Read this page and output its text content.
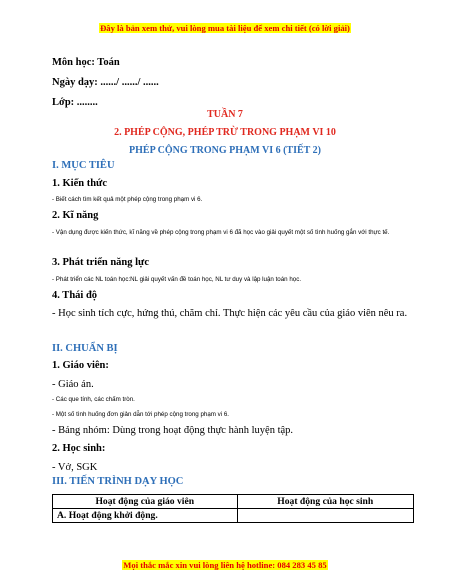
Đây là bản xem thử, vui lòng mua tài liệu để xem chi tiết (có lời giải)
Môn học: Toán
Ngày dạy: ....../ ....../ ......
Lớp: ........
TUẦN 7
2. PHÉP CỘNG, PHÉP TRỪ TRONG PHẠM VI 10
PHÉP CỘNG TRONG PHẠM VI 6 (TIẾT 2)
I. MỤC TIÊU
1. Kiến thức
- Biết cách tìm kết quả một phép cộng trong phạm vi 6.
2. Kĩ năng
- Vận dụng được kiến thức, kĩ năng về phép cộng trong phạm vi 6 đã học vào giải quyết một số tình huống gắn với thực tế.
3. Phát triển năng lực
- Phát triển các NL toán học:NL giải quyết vấn đề toán học, NL tư duy và lập luận toán học.
4. Thái độ
- Học sinh tích cực, hứng thú, chăm chỉ. Thực hiện các yêu cầu của giáo viên nêu ra.
II. CHUẨN BỊ
1. Giáo viên:
- Giáo án.
- Các que tính, các chấm tròn.
- Một số tình huống đơn giản dẫn tới phép cộng trong phạm vi 6.
- Bảng nhóm: Dùng trong hoạt động thực hành luyện tập.
2. Học sinh:
- Vở, SGK
III. TIẾN TRÌNH DẠY HỌC
Hoạt động của giáo viên	Hoạt động của học sinh
A. Hoạt động khởi động.	
Mọi thắc mắc xin vui lòng liên hệ hotline: 084 283 45 85
